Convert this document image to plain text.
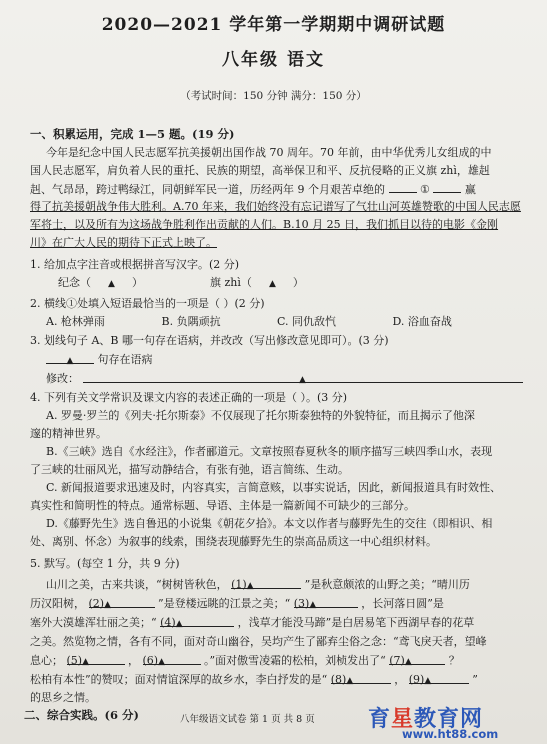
2020—2021 学年第一学期期中调研试题
八年级 语文
（考试时间：150 分钟 满分：150 分）
一、积累运用，完成 1—5 题。(19 分)
今年是纪念中国人民志愿军抗美援朝出国作战 70 周年。70 年前，由中华优秀儿女组成的中
国人民志愿军，肩负着人民的重托、民族的期望，高举保卫和平、反抗侵略的正义旗 zhì，雄赳
赳、气昂昂，跨过鸭绿江，同朝鲜军民一道，历经两年 9 个月艰苦卓绝的	①	赢
得了抗美援朝战争伟大胜利。A.70 年来，我们始终没有忘记谱写了气壮山河英雄赞歌的中国人民志愿
军将士，以及所有为这场战争胜利作出贡献的人们。B.10 月 25 日，我们抓目以待的电影《金刚
川》在广大人民的期待下正式上映了。
1. 给加点字注音或根据拼音写汉字。(2 分)
纪念（ ▲ ）	旗 zhì（ ▲ ）
2. 横线①处填入短语最恰当的一项是（ ）(2 分)
A. 枪林弹雨	B. 负隅顽抗	C. 同仇敌忾	D. 浴血奋战
3. 划线句子 A、B 哪一句存在语病，并改改（写出修改意见即可）。(3 分)
▲ 句存在语病
修改：	▲
4. 下列有关文学常识及课文内容的表述正确的一项是（ ）。(3 分)
A. 罗曼·罗兰的《列夫·托尔斯泰》不仅展现了托尔斯泰独特的外貌特征，而且揭示了他深
邃的精神世界。
B.《三峡》选自《水经注》，作者郦道元。文章按照春夏秋冬的顺序描写三峡四季山水，表现
了三峡的壮丽风光，描写动静结合，有张有弛，语言简练、生动。
C. 新闻报道要求迅速及时，内容真实，言简意赅，以事实说话，因此，新闻报道具有时效性、
真实性和简明性的特点。通常标题、导语、主体是一篇新闻不可缺少的三部分。
D.《藤野先生》选自鲁迅的小说集《朝花夕拾》。本文以作者与藤野先生的交往（即相识、相
处、离别、怀念）为叙事的线索，围绕表现藤野先生的崇高品质这一中心组织材料。
5. 默写。(每空 1 分，共 9 分)
山川之美，古来共谈，“树树皆秋色， (1)▲	”是秋意颇浓的山野之美；“晴川历
历汉阳树， (2)▲	”是登楼远眺的江景之美；“ (3)▲	，长河落日圆”是
塞外大漠雄浑壮丽之美；“ (4)▲	，浅草才能没马蹄”是白居易笔下西湖早春的花草
之美。然览物之情，各有不同，面对奇山幽谷，吴均产生了鄙弃尘俗之念：“鸢飞戾天者，望峰
息心； (5)▲	， (6)▲	。”面对傲雪凌霜的松柏，刘桢发出了“ (7)▲	？
松柏有本性”的赞叹；面对情谊深厚的故乡水，李白抒发的是“ (8)▲	， (9)▲	”
的思乡之情。
二、综合实践。(6 分)	八年级语文试卷 第 1 页 共 8 页 育星教育网
www.ht88.com
